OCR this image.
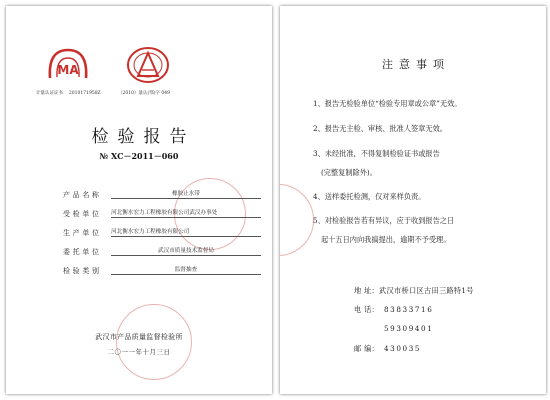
MA
计量认证证书： 2010171958Z	（2010）量认(鄂)字 049
检验报告
№ XC－2011－060
产品名称	橡胶止水带
受检单位 河北衡水宏力工程橡胶有限公司武汉办事处
生产单位 河北衡水宏力工程橡胶有限公司
委托单位	武汉市质量技术监督局
检验类别	监督抽查
武汉市产品质量监督检验所
二〇一一年十月三日
注意事项
1、报告无检验单位“检验专用章或公章”无效。
2、报告无主检、审核、批准人签章无效。
3、未经批准，不得复制检验证书或报告
(完整复制除外)。
4、送样委托检测，仅对来样负责。
5、对检验报告若有异议，应于收到报告之日
起十五日内向我搞提出，逾期不予受理。
地 址：武汉市桥口区古田三路特1号
电 话： 83833716
59309401
邮 编： 430035
